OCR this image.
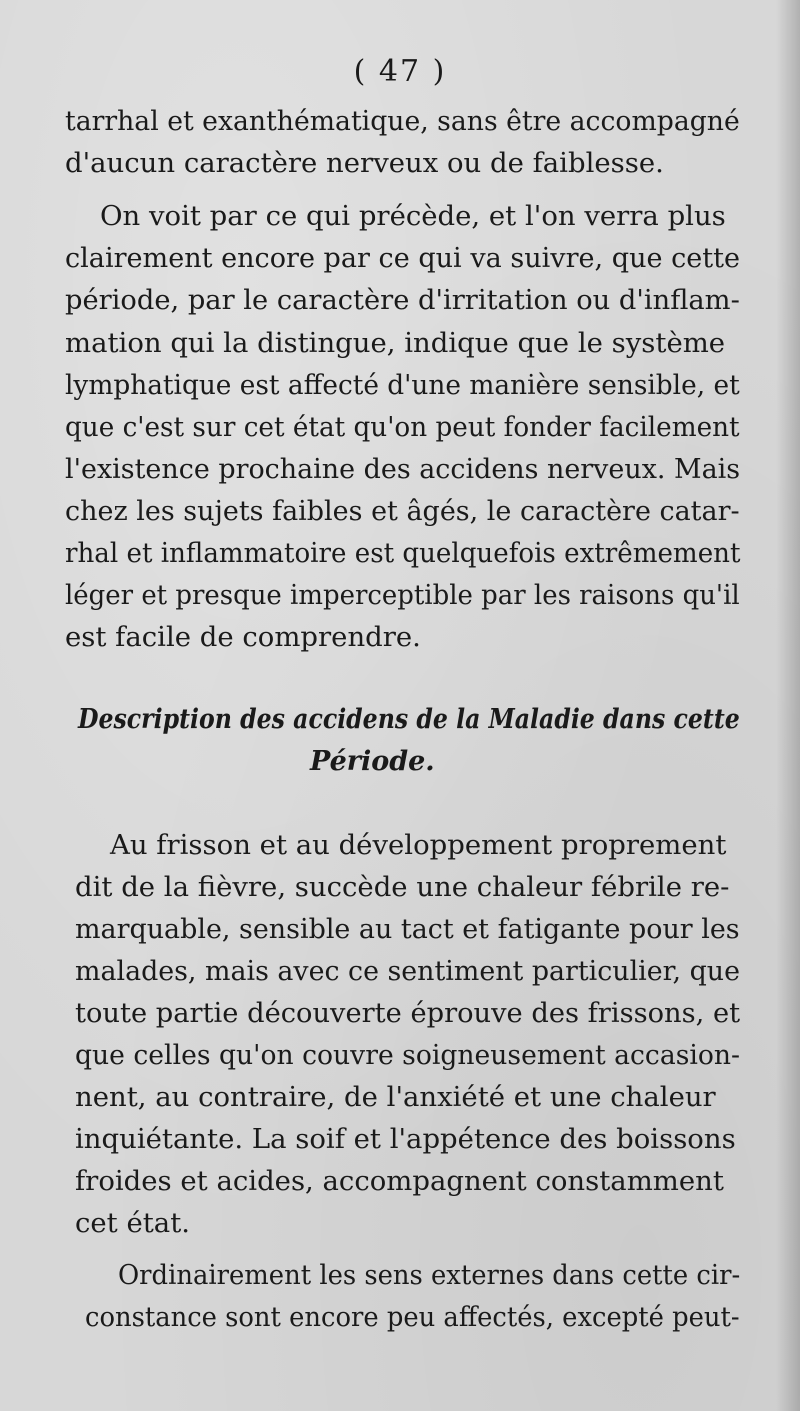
( 47 )
tarrhal et exanthématique, sans être accompagné
d'aucun caractère nerveux ou de faiblesse.
On voit par ce qui précède, et l'on verra plus
clairement encore par ce qui va suivre, que cette
période, par le caractère d'irritation ou d'inflam-
mation qui la distingue, indique que le système
lymphatique est affecté d'une manière sensible, et
que c'est sur cet état qu'on peut fonder facilement
l'existence prochaine des accidens nerveux. Mais
chez les sujets faibles et âgés, le caractère catar-
rhal et inflammatoire est quelquefois extrêmement
léger et presque imperceptible par les raisons qu'il
est facile de comprendre.
Description des accidens de la Maladie dans cette
Période.
Au frisson et au développement proprement
dit de la fièvre, succède une chaleur fébrile re-
marquable, sensible au tact et fatigante pour les
malades, mais avec ce sentiment particulier, que
toute partie découverte éprouve des frissons, et
que celles qu'on couvre soigneusement accasion-
nent, au contraire, de l'anxiété et une chaleur
inquiétante. La soif et l'appétence des boissons
froides et acides, accompagnent constamment
cet état.
Ordinairement les sens externes dans cette cir-
constance sont encore peu affectés, excepté peut-
